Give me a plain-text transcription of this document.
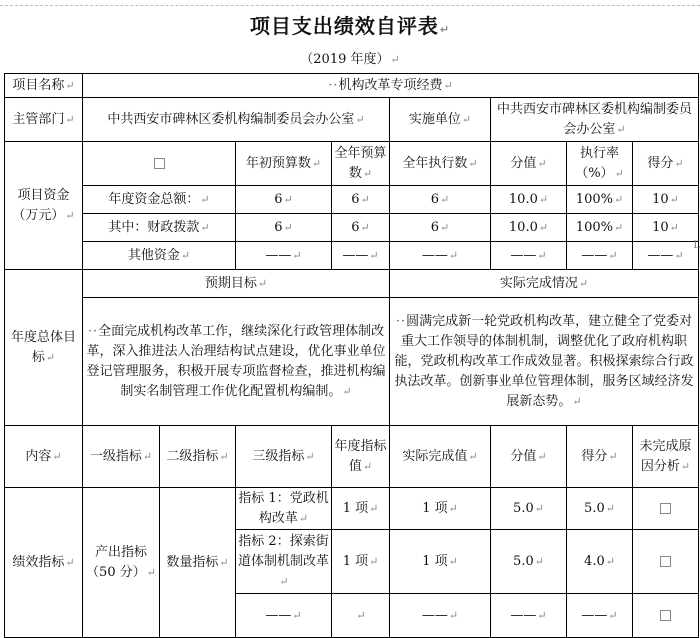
项目支出绩效自评表↵
（2019 年度）↵
项目名称↵	··机构改革专项经费↵							
主管部门↵	中共西安市碑林区委机构编制委员会办公室↵				实施单位↵	中共西安市碑林区委机构编制委员会办公室↵		
项目资金（万元）↵			年初预算数↵	全年预算数↵	全年执行数↵	分值↵	执行率（%）↵	得分↵
	年度资金总额：↵		6↵	6↵	6↵	10.0↵	100%↵	10↵
	其中：财政拨款↵		6↵	6↵	6↵	10.0↵	100%↵	10↵
	其他资金↵		——↵	——↵	——↵	——↵	——↵	——↵
年度总体目标↵	预期目标↵				实际完成情况↵			
	··全面完成机构改革工作，继续深化行政管理体制改革，深入推进法人治理结构试点建设，优化事业单位登记管理服务，积极开展专项监督检查，推进机构编制实名制管理工作优化配置机构编制。↵				··圆满完成新一轮党政机构改革，建立健全了党委对重大工作领导的体制机制，调整优化了政府机构职能，党政机构改革工作成效显著。积极探索综合行政执法改革。创新事业单位管理体制，服务区域经济发展新态势。↵			
内容↵	一级指标↵	二级指标↵	三级指标↵	年度指标值↵	实际完成值↵	分值↵	得分↵	未完成原因分析↵
绩效指标↵	产出指标（50 分）↵	数量指标↵	指标 1：党政机构改革↵	1 项↵	1 项↵	5.0↵	5.0↵	
			指标 2：探索街道体制机制改革↵	1 项↵	1 项↵	5.0↵	4.0↵	
			——↵	↵	——↵	——↵	——↵	
L
